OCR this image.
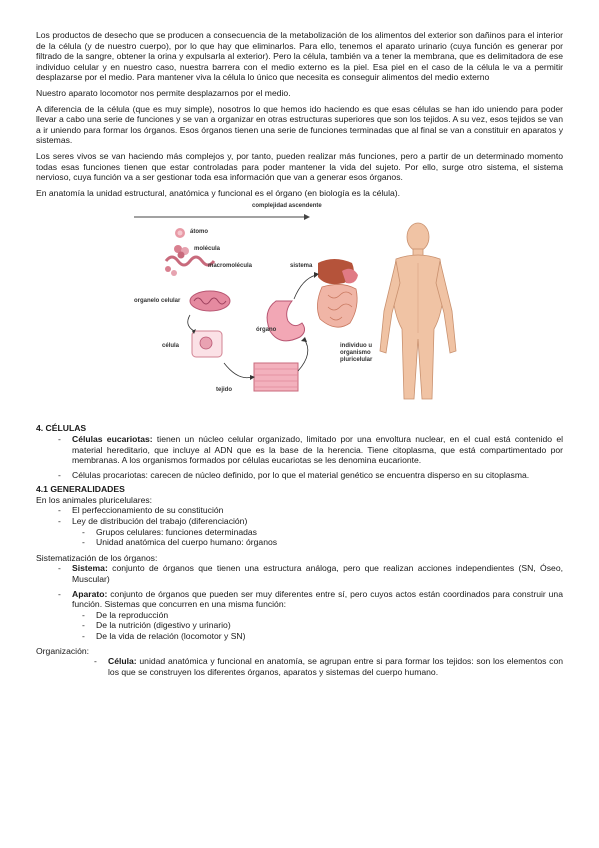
Los productos de desecho que se producen a consecuencia de la metabolización de los alimentos del exterior son dañinos para el interior de la célula (y de nuestro cuerpo), por lo que hay que eliminarlos. Para ello, tenemos el aparato urinario (cuya función es generar por filtrado de la sangre, obtener la orina y expulsarla al exterior). Pero la célula, también va a tener la membrana, que es delimitadora de ese individuo celular y en nuestro caso, nuestra barrera con el medio externo es la piel. Esa piel en el caso de la célula le va a permitir desplazarse por el medio. Para mantener viva la célula lo único que necesita es conseguir alimentos del medio externo

Nuestro aparato locomotor nos permite desplazarnos por el medio.

A diferencia de la célula (que es muy simple), nosotros lo que hemos ido haciendo es que esas células se han ido uniendo para poder llevar a cabo una serie de funciones y se van a organizar en otras estructuras superiores que son los tejidos. A su vez, esos tejidos se van a ir uniendo para formar los órganos. Esos órganos tienen una serie de funciones terminadas que al final se van a constituir en aparatos y sistemas.

Los seres vivos se van haciendo más complejos y, por tanto, pueden realizar más funciones, pero a partir de un determinado momento todas esas funciones tienen que estar controladas para poder mantener la vida del sujeto. Por ello, surge otro sistema, el sistema nervioso, cuya función va a ser gestionar toda esa información que van a generar esos órganos.

En anatomía la unidad estructural, anatómica y funcional es el órgano (en biología es la célula).

complejidad ascendente
átomo
molécula
macromolécula
organelo celular
célula
tejido
órgano
sistema
individuo u organismo pluricelular
4. CÉLULAS
- Células eucariotas: tienen un núcleo celular organizado, limitado por una envoltura nuclear, en el cual está contenido el material hereditario, que incluye al ADN que es la base de la herencia. Tiene citoplasma, que está compartimentado por membranas. A los organismos formados por células eucariotas se les denomina eucarionte.
- Células procariotas: carecen de núcleo definido, por lo que el material genético se encuentra disperso en su citoplasma.
4.1 GENERALIDADES
En los animales pluricelulares:
- El perfeccionamiento de su constitución
- Ley de distribución del trabajo (diferenciación)
- Grupos celulares: funciones determinadas
- Unidad anatómica del cuerpo humano: órganos
Sistematización de los órganos:
- Sistema: conjunto de órganos que tienen una estructura análoga, pero que realizan acciones independientes (SN, Óseo, Muscular)
- Aparato: conjunto de órganos que pueden ser muy diferentes entre sí, pero cuyos actos están coordinados para construir una función. Sistemas que concurren en una misma función:
- De la reproducción
- De la nutrición (digestivo y urinario)
- De la vida de relación (locomotor y SN)
Organización:
- Célula: unidad anatómica y funcional en anatomía, se agrupan entre si para formar los tejidos: son los elementos con los que se construyen los diferentes órganos, aparatos y sistemas del cuerpo humano.
